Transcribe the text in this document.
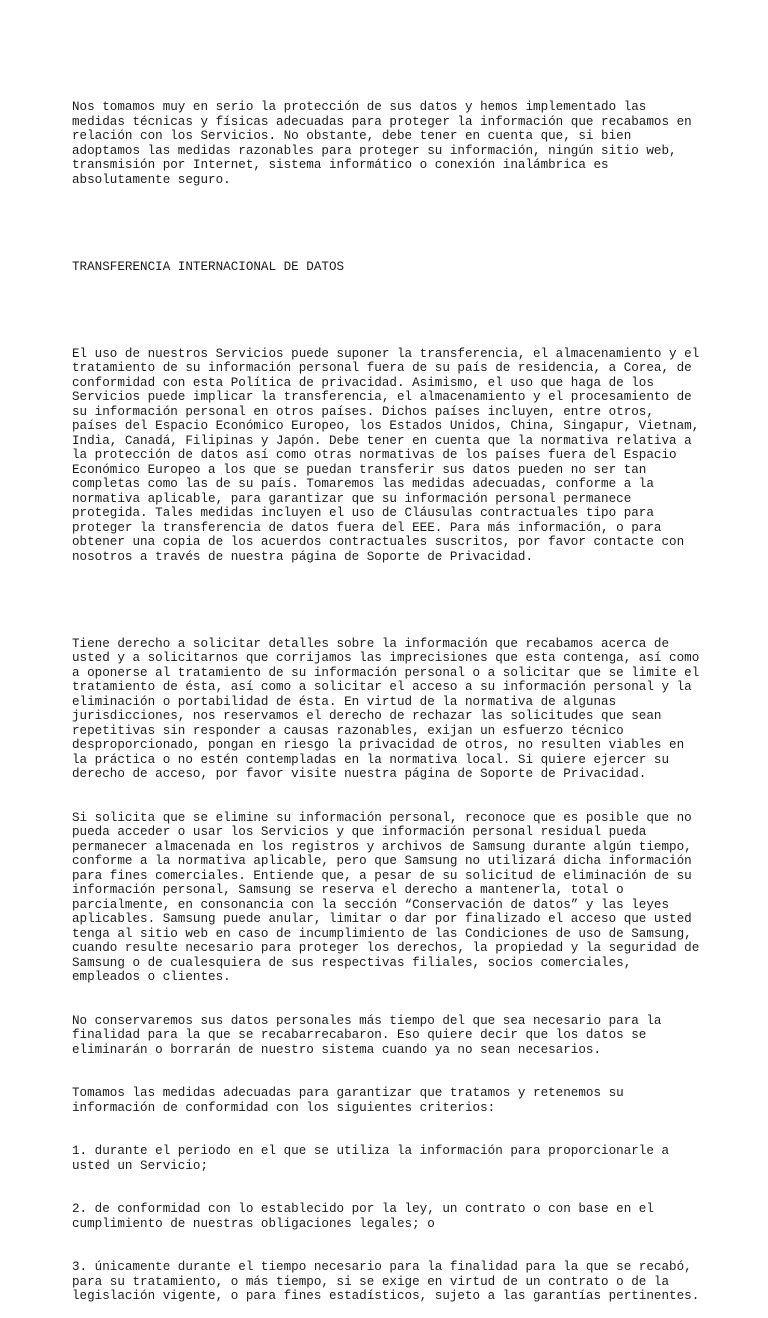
Nos tomamos muy en serio la protección de sus datos y hemos implementado las
medidas técnicas y físicas adecuadas para proteger la información que recabamos en
relación con los Servicios. No obstante, debe tener en cuenta que, si bien
adoptamos las medidas razonables para proteger su información, ningún sitio web,
transmisión por Internet, sistema informático o conexión inalámbrica es
absolutamente seguro.

TRANSFERENCIA INTERNACIONAL DE DATOS

El uso de nuestros Servicios puede suponer la transferencia, el almacenamiento y el
tratamiento de su información personal fuera de su país de residencia, a Corea, de
conformidad con esta Política de privacidad. Asimismo, el uso que haga de los
Servicios puede implicar la transferencia, el almacenamiento y el procesamiento de
su información personal en otros países. Dichos países incluyen, entre otros,
países del Espacio Económico Europeo, los Estados Unidos, China, Singapur, Vietnam,
India, Canadá, Filipinas y Japón. Debe tener en cuenta que la normativa relativa a
la protección de datos así como otras normativas de los países fuera del Espacio
Económico Europeo a los que se puedan transferir sus datos pueden no ser tan
completas como las de su país. Tomaremos las medidas adecuadas, conforme a la
normativa aplicable, para garantizar que su información personal permanece
protegida. Tales medidas incluyen el uso de Cláusulas contractuales tipo para
proteger la transferencia de datos fuera del EEE. Para más información, o para
obtener una copia de los acuerdos contractuales suscritos, por favor contacte con
nosotros a través de nuestra página de Soporte de Privacidad.

Tiene derecho a solicitar detalles sobre la información que recabamos acerca de
usted y a solicitarnos que corrijamos las imprecisiones que esta contenga, así como
a oponerse al tratamiento de su información personal o a solicitar que se limite el
tratamiento de ésta, así como a solicitar el acceso a su información personal y la
eliminación o portabilidad de ésta. En virtud de la normativa de algunas
jurisdicciones, nos reservamos el derecho de rechazar las solicitudes que sean
repetitivas sin responder a causas razonables, exijan un esfuerzo técnico
desproporcionado, pongan en riesgo la privacidad de otros, no resulten viables en
la práctica o no estén contempladas en la normativa local. Si quiere ejercer su
derecho de acceso, por favor visite nuestra página de Soporte de Privacidad.

Si solicita que se elimine su información personal, reconoce que es posible que no
pueda acceder o usar los Servicios y que información personal residual pueda
permanecer almacenada en los registros y archivos de Samsung durante algún tiempo,
conforme a la normativa aplicable, pero que Samsung no utilizará dicha información
para fines comerciales. Entiende que, a pesar de su solicitud de eliminación de su
información personal, Samsung se reserva el derecho a mantenerla, total o
parcialmente, en consonancia con la sección “Conservación de datos” y las leyes
aplicables. Samsung puede anular, limitar o dar por finalizado el acceso que usted
tenga al sitio web en caso de incumplimiento de las Condiciones de uso de Samsung,
cuando resulte necesario para proteger los derechos, la propiedad y la seguridad de
Samsung o de cualesquiera de sus respectivas filiales, socios comerciales,
empleados o clientes.

No conservaremos sus datos personales más tiempo del que sea necesario para la
finalidad para la que se recabarrecabaron. Eso quiere decir que los datos se
eliminarán o borrarán de nuestro sistema cuando ya no sean necesarios.

Tomamos las medidas adecuadas para garantizar que tratamos y retenemos su
información de conformidad con los siguientes criterios:

1. durante el periodo en el que se utiliza la información para proporcionarle a
usted un Servicio;

2. de conformidad con lo establecido por la ley, un contrato o con base en el
cumplimiento de nuestras obligaciones legales; o

3. únicamente durante el tiempo necesario para la finalidad para la que se recabó,
para su tratamiento, o más tiempo, si se exige en virtud de un contrato o de la
legislación vigente, o para fines estadísticos, sujeto a las garantías pertinentes.
